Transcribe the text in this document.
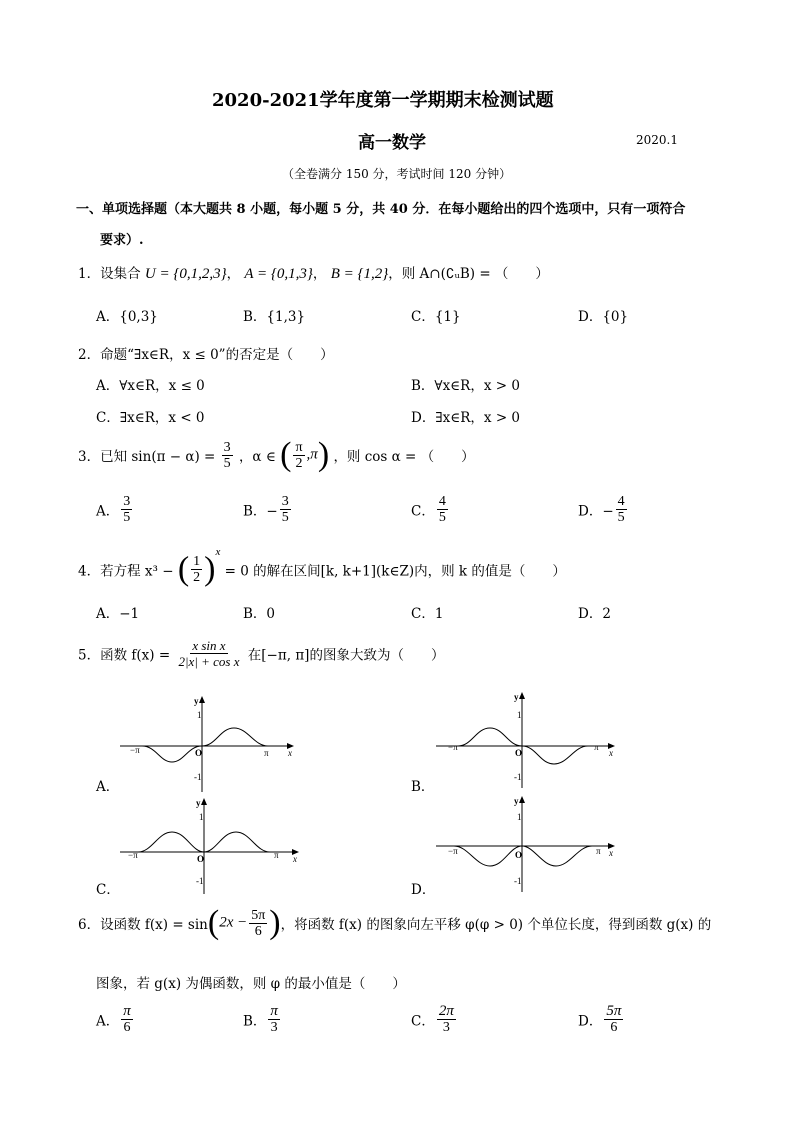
2020-2021学年度第一学期期末检测试题
高一数学	2020.1
（全卷满分 150 分，考试时间 120 分钟）
一、单项选择题（本大题共 8 小题，每小题 5 分，共 40 分．在每小题给出的四个选项中，只有一项符合
要求）.
1．设集合 U = {0,1,2,3}， A = {0,1,3}， B = {1,2}，则 A∩(∁ᵤB) = （　　）
A．{0,3}	B．{1,3}	C．{1}	D．{0}
2．命题“∃x∈R，x ≤ 0”的否定是（　　）
A．∀x∈R，x ≤ 0	B．∀x∈R，x > 0
C．∃x∈R，x < 0	D．∃x∈R，x > 0
3．已知 $\sin(\pi - \alpha) = \frac{3}{5}$ ，α ∈ ( $\frac{\pi}{2} ,\pi$) ，则 cos α = （　　）
A． $\frac{3}{5}$	B．− $\frac{3}{5}$	C． $\frac{4}{5}$	D．− $\frac{4}{5}$
4．若方程 x³ − ( $\frac{1}{2} )^x = 0$ 的解在区间[k, k+1](k∈Z)内，则 k 的值是（　　）
A．−1	B．0	C．1	D．2
5．函数 $f(x) = \frac{\text{x sin x}}{\text{2|x| + cos x}}$ 在[−π, π]的图象大致为（　　）
y
x
1
-1
O	π
−π
A．
y
x
1
-1
O
π
−π
B．
y
x
1
-1
O	π
−π
C．
y
x
1
-1
O	π
−π
D．
6．设函数 $f(x) = \sin(2x - \frac{5\pi}{6}$ )，将函数 f(x) 的图象向左平移 φ(φ > 0) 个单位长度，得到函数 g(x) 的
图象，若 g(x) 为偶函数，则 φ 的最小值是（　　）
A． $\frac{\pi}{6}$	B． $\frac{\pi}{3}$	C． $\frac{2\pi}{3}$	D． $\frac{5\pi}{6}$
